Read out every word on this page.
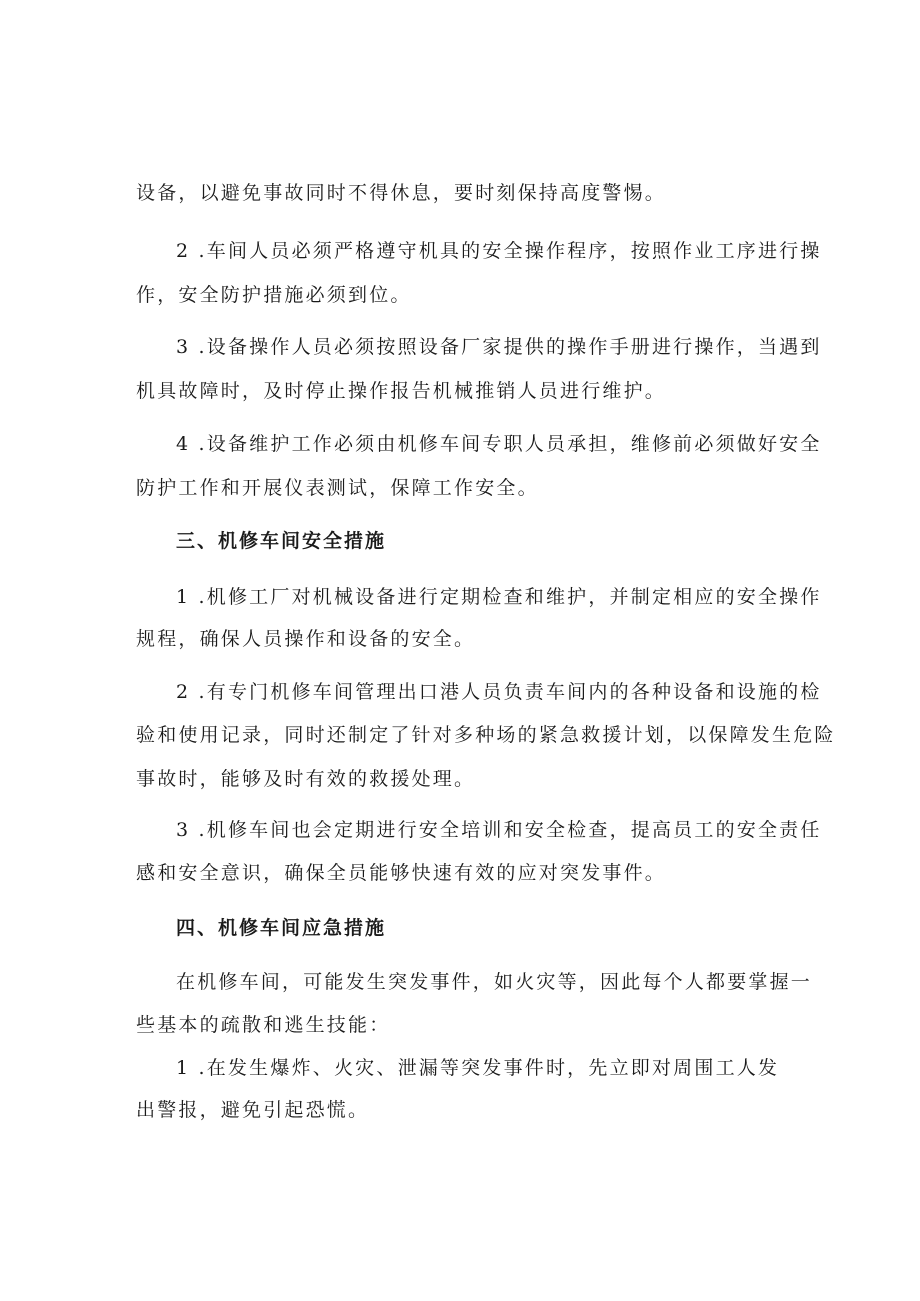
设备，以避免事故同时不得休息，要时刻保持高度警惕。
2 .车间人员必须严格遵守机具的安全操作程序，按照作业工序进行操
作，安全防护措施必须到位。
3 .设备操作人员必须按照设备厂家提供的操作手册进行操作，当遇到
机具故障时，及时停止操作报告机械推销人员进行维护。
4 .设备维护工作必须由机修车间专职人员承担，维修前必须做好安全
防护工作和开展仪表测试，保障工作安全。
三、机修车间安全措施
1 .机修工厂对机械设备进行定期检查和维护，并制定相应的安全操作
规程，确保人员操作和设备的安全。
2 .有专门机修车间管理出口港人员负责车间内的各种设备和设施的检
验和使用记录，同时还制定了针对多种场的紧急救援计划，以保障发生危险
事故时，能够及时有效的救援处理。
3 .机修车间也会定期进行安全培训和安全检查，提高员工的安全责任
感和安全意识，确保全员能够快速有效的应对突发事件。
四、机修车间应急措施
在机修车间，可能发生突发事件，如火灾等，因此每个人都要掌握一
些基本的疏散和逃生技能：
1 .在发生爆炸、火灾、泄漏等突发事件时，先立即对周围工人发
出警报，避免引起恐慌。
